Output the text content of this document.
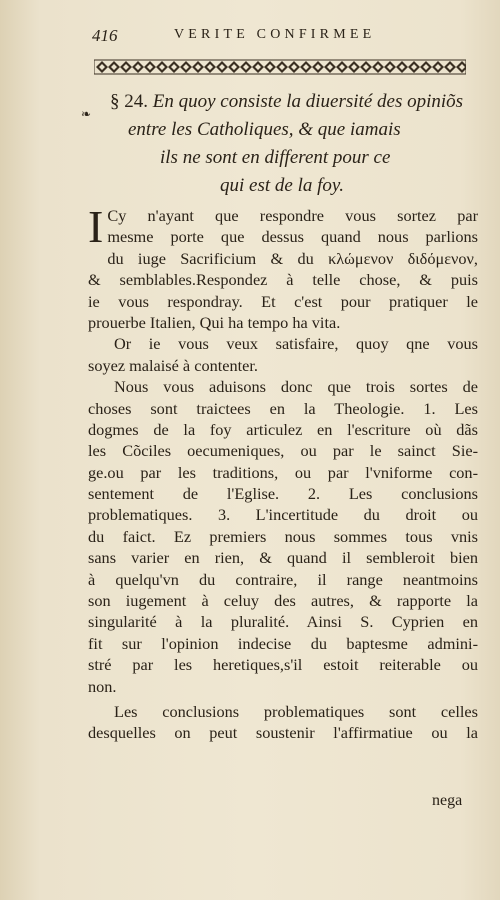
416	VERITE CONFIRMEE
❧
§ 24. En quoy consiste la diuersité des opiniõs
entre les Catholiques, & que iamais
ils ne sont en different pour ce
qui est de la foy.

I Cy n'ayant que respondre vous sortez par
mesme porte que dessus quand nous parlions
du iuge Sacrificium & du κλώμενον διδόμενον,
& semblables.Respondez à telle chose, & puis
ie vous respondray. Et c'est pour pratiquer le
prouerbe Italien, Qui ha tempo ha vita.

Or ie vous veux satisfaire, quoy qne vous
soyez malaisé à contenter.

Nous vous aduisons donc que trois sortes de
choses sont traictees en la Theologie. 1. Les
dogmes de la foy articulez en l'escriture où dãs
les Cõciles oecumeniques, ou par le sainct Sie-
ge.ou par les traditions, ou par l'vniforme con-
sentement de l'Eglise. 2. Les conclusions
problematiques. 3. L'incertitude du droit ou
du faict. Ez premiers nous sommes tous vnis
sans varier en rien, & quand il sembleroit bien
à quelqu'vn du contraire, il range neantmoins
son iugement à celuy des autres, & rapporte la
singularité à la pluralité. Ainsi S. Cyprien en
fit sur l'opinion indecise du baptesme admini-
stré par les heretiques,s'il estoit reiterable ou
non.

Les conclusions problematiques sont celles
desquelles on peut soustenir l'affirmatiue ou la

nega
